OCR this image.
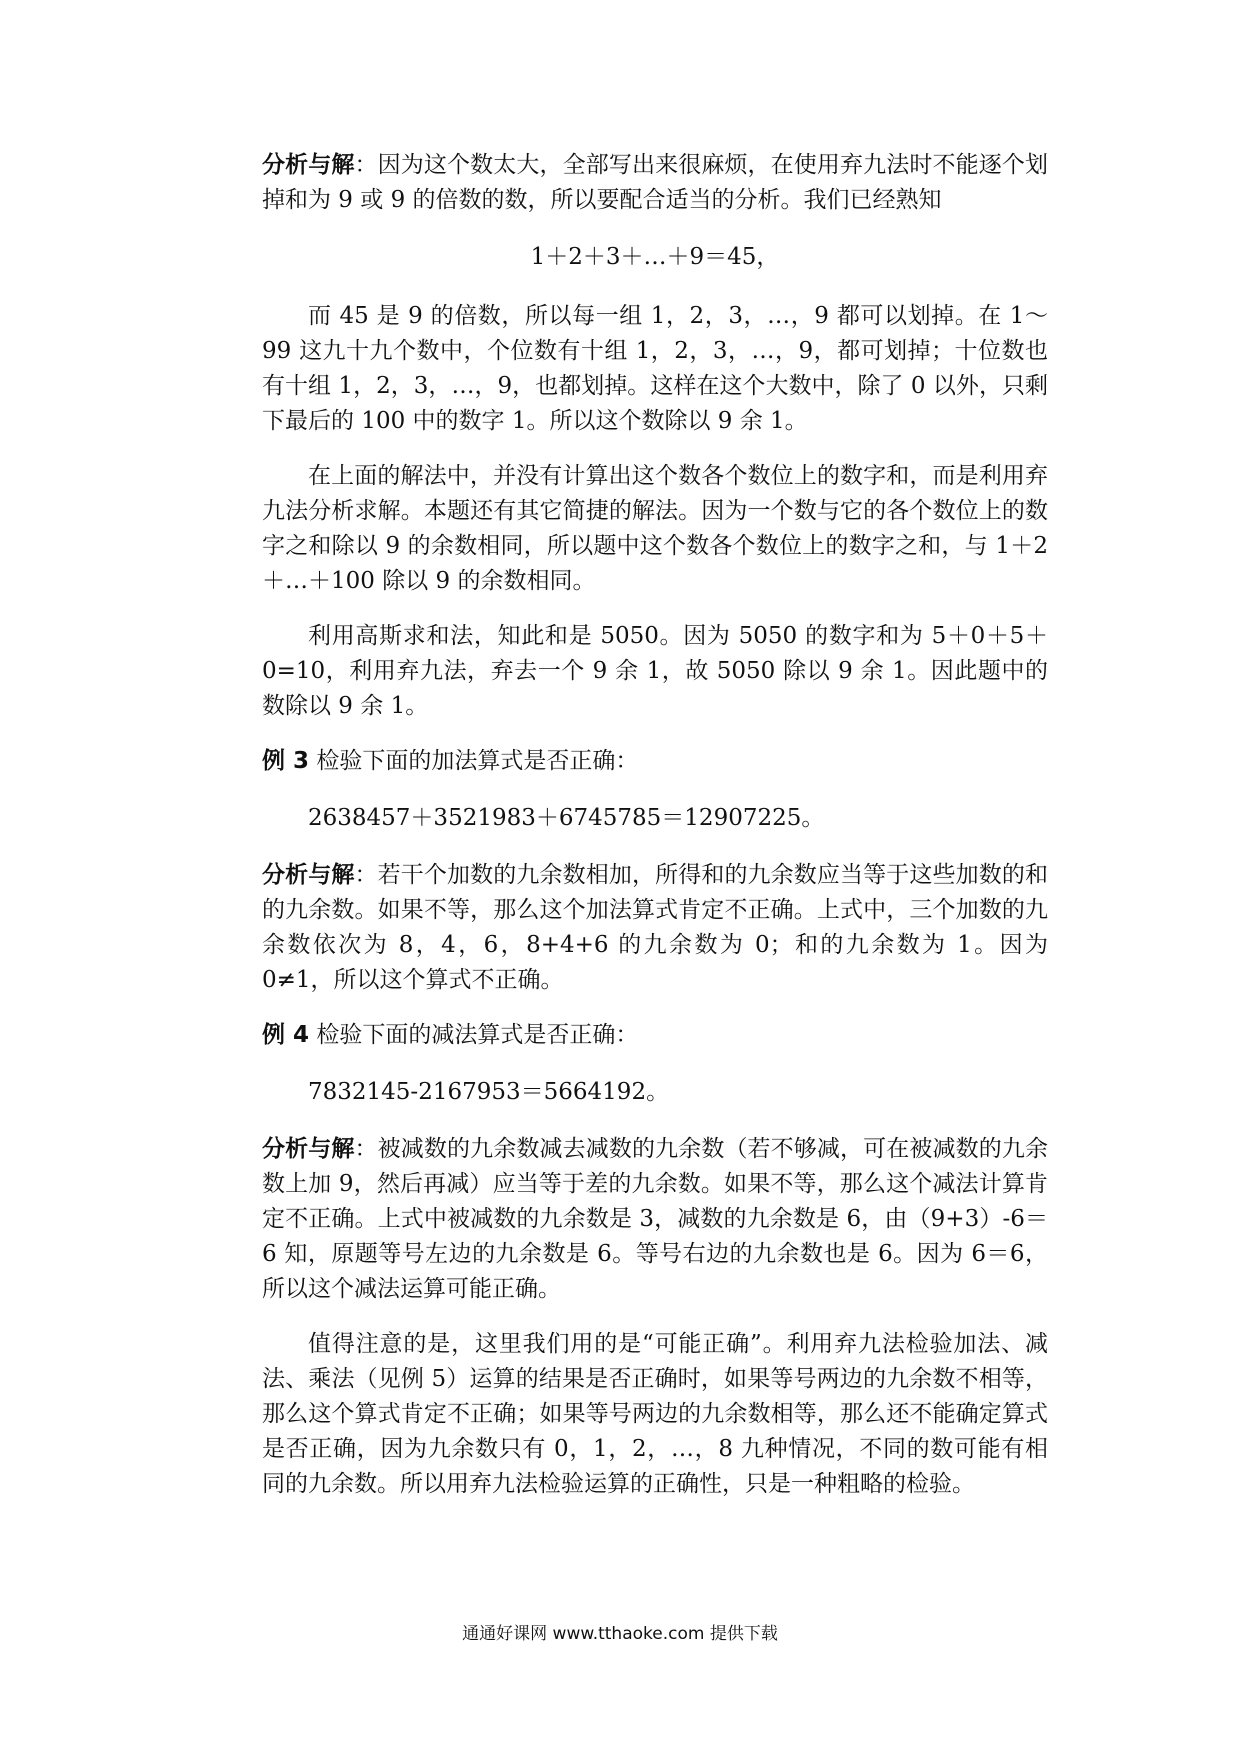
分析与解：因为这个数太大，全部写出来很麻烦，在使用弃九法时不能逐个划掉和为 9 或 9 的倍数的数，所以要配合适当的分析。我们已经熟知

1＋2＋3＋…＋9＝45，

而 45 是 9 的倍数，所以每一组 1，2，3，…，9 都可以划掉。在 1～99 这九十九个数中，个位数有十组 1，2，3，…，9，都可划掉；十位数也有十组 1，2，3，…，9，也都划掉。这样在这个大数中，除了 0 以外，只剩下最后的 100 中的数字 1。所以这个数除以 9 余 1。

在上面的解法中，并没有计算出这个数各个数位上的数字和，而是利用弃九法分析求解。本题还有其它简捷的解法。因为一个数与它的各个数位上的数字之和除以 9 的余数相同，所以题中这个数各个数位上的数字之和，与 1＋2＋…＋100 除以 9 的余数相同。

利用高斯求和法，知此和是 5050。因为 5050 的数字和为 5＋0＋5＋0=10，利用弃九法，弃去一个 9 余 1，故 5050 除以 9 余 1。因此题中的数除以 9 余 1。

例 3 检验下面的加法算式是否正确：

2638457＋3521983＋6745785＝12907225。

分析与解：若干个加数的九余数相加，所得和的九余数应当等于这些加数的和的九余数。如果不等，那么这个加法算式肯定不正确。上式中，三个加数的九余数依次为 8，4，6，8+4+6 的九余数为 0；和的九余数为 1。因为 0≠1，所以这个算式不正确。

例 4 检验下面的减法算式是否正确：

7832145-2167953＝5664192。

分析与解：被减数的九余数减去减数的九余数（若不够减，可在被减数的九余数上加 9，然后再减）应当等于差的九余数。如果不等，那么这个减法计算肯定不正确。上式中被减数的九余数是 3，减数的九余数是 6，由（9+3）-6＝6 知，原题等号左边的九余数是 6。等号右边的九余数也是 6。因为 6＝6，所以这个减法运算可能正确。

值得注意的是，这里我们用的是“可能正确”。利用弃九法检验加法、减法、乘法（见例 5）运算的结果是否正确时，如果等号两边的九余数不相等，那么这个算式肯定不正确；如果等号两边的九余数相等，那么还不能确定算式是否正确，因为九余数只有 0，1，2，…，8 九种情况，不同的数可能有相同的九余数。所以用弃九法检验运算的正确性，只是一种粗略的检验。

通通好课网 www.tthaoke.com 提供下载
